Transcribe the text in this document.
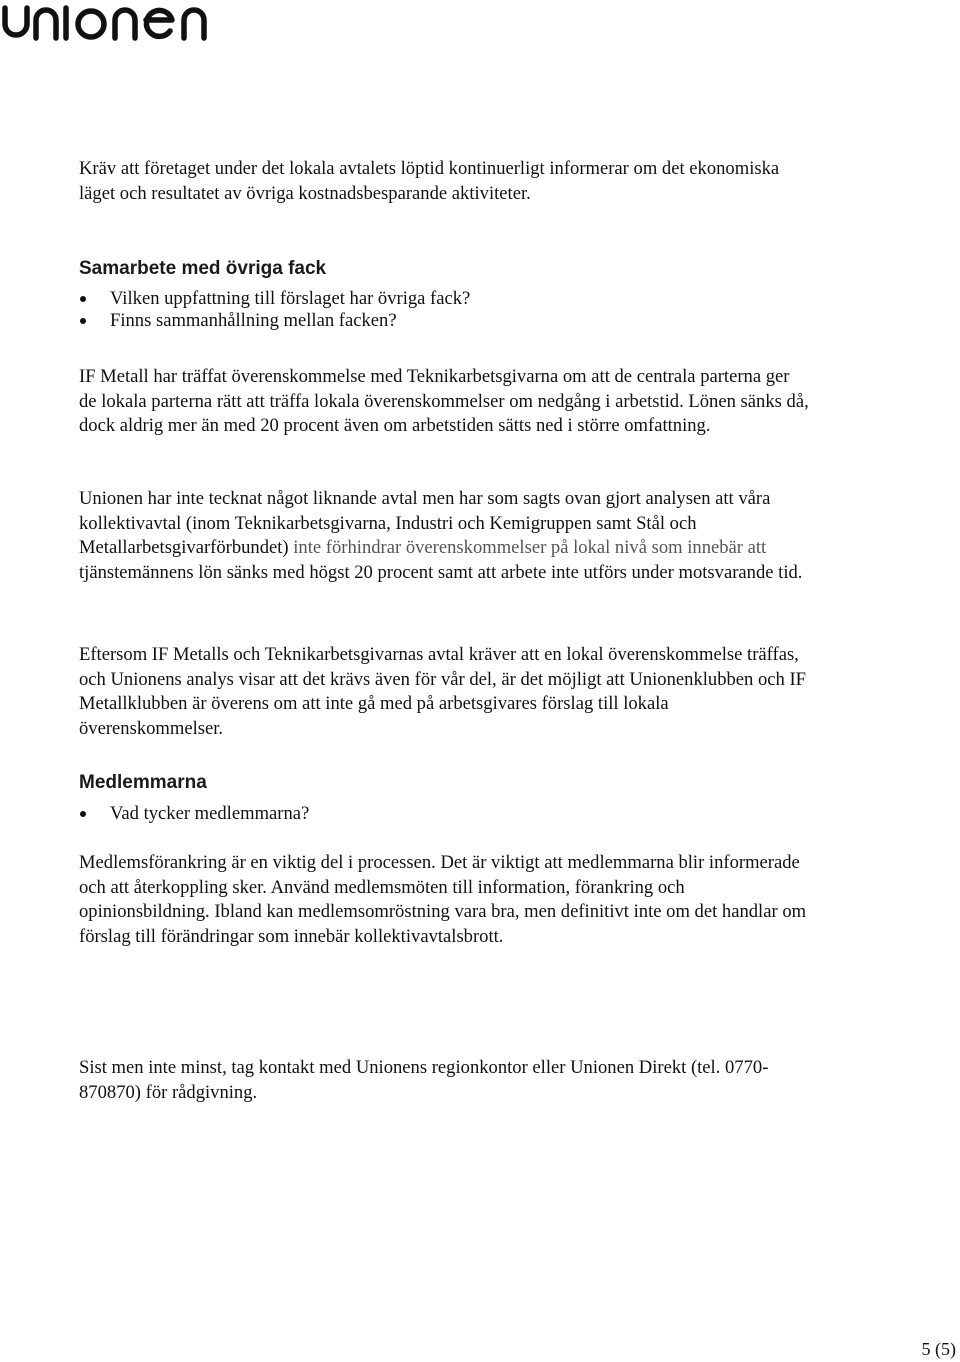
Kräv att företaget under det lokala avtalets löptid kontinuerligt informerar om det ekonomiska läget och resultatet av övriga kostnadsbesparande aktiviteter.

Samarbete med övriga fack
Vilken uppfattning till förslaget har övriga fack?
Finns sammanhållning mellan facken?

IF Metall har träffat överenskommelse med Teknikarbetsgivarna om att de centrala parterna ger de lokala parterna rätt att träffa lokala överenskommelser om nedgång i arbetstid. Lönen sänks då, dock aldrig mer än med 20 procent även om arbetstiden sätts ned i större omfattning.

Unionen har inte tecknat något liknande avtal men har som sagts ovan gjort analysen att våra kollektivavtal (inom Teknikarbetsgivarna, Industri och Kemigruppen samt Stål och Metallarbetsgivarförbundet) inte förhindrar överenskommelser på lokal nivå som innebär att tjänstemännens lön sänks med högst 20 procent samt att arbete inte utförs under motsvarande tid.

Eftersom IF Metalls och Teknikarbetsgivarnas avtal kräver att en lokal överenskommelse träffas, och Unionens analys visar att det krävs även för vår del, är det möjligt att Unionenklubben och IF Metallklubben är överens om att inte gå med på arbetsgivares förslag till lokala överenskommelser.

Medlemmarna
Vad tycker medlemmarna?

Medlemsförankring är en viktig del i processen. Det är viktigt att medlemmarna blir informerade och att återkoppling sker. Använd medlemsmöten till information, förankring och opinionsbildning. Ibland kan medlemsomröstning vara bra, men definitivt inte om det handlar om förslag till förändringar som innebär kollektivavtalsbrott.

Sist men inte minst, tag kontakt med Unionens regionkontor eller Unionen Direkt (tel. 0770-870870) för rådgivning.

5 (5)
